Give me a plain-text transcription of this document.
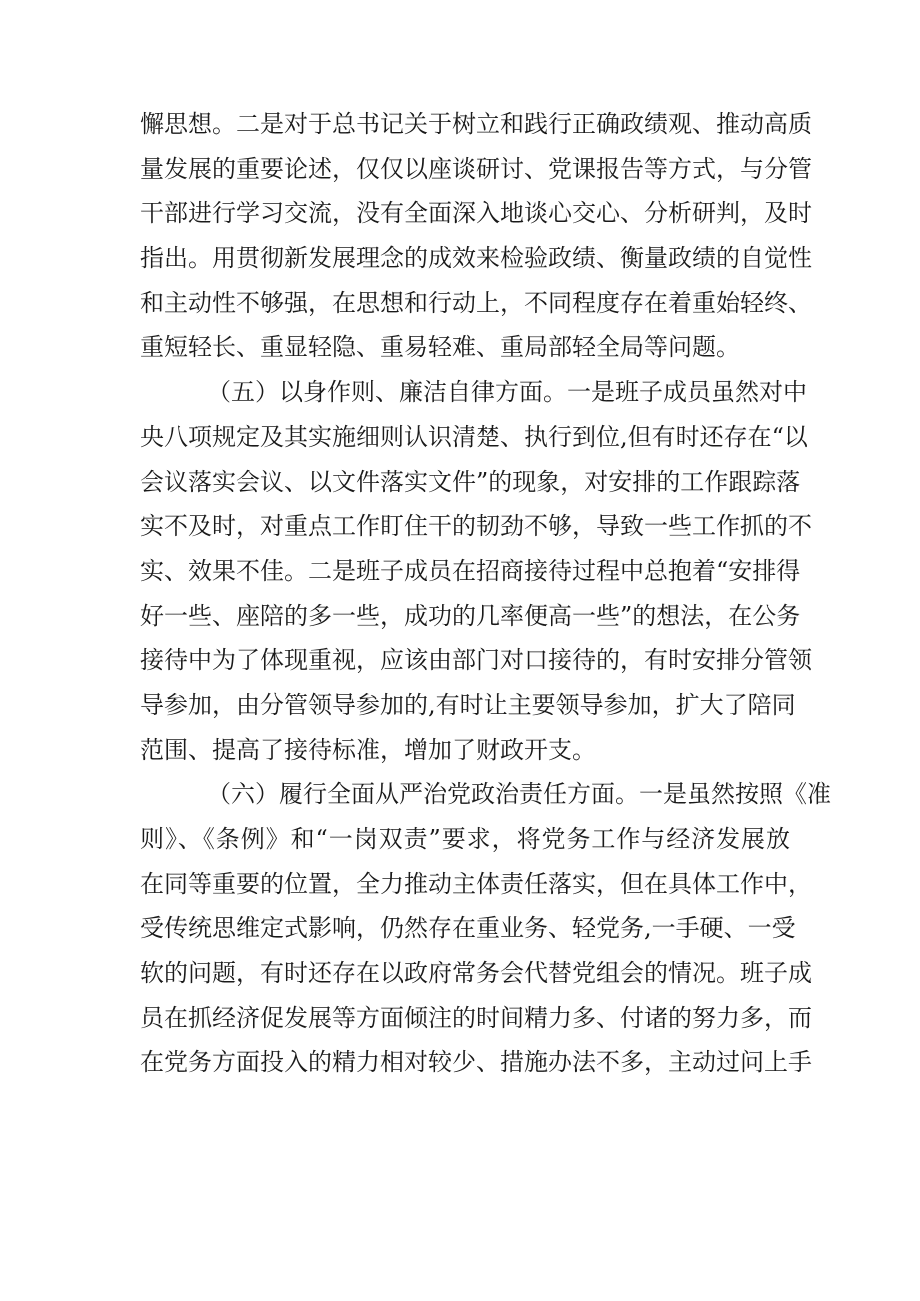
懈思想。二是对于总书记关于树立和践行正确政绩观、推动高质
量发展的重要论述，仅仅以座谈研讨、党课报告等方式，与分管
干部进行学习交流，没有全面深入地谈心交心、分析研判，及时
指出。用贯彻新发展理念的成效来检验政绩、衡量政绩的自觉性
和主动性不够强，在思想和行动上，不同程度存在着重始轻终、
重短轻长、重显轻隐、重易轻难、重局部轻全局等问题。
（五）以身作则、廉洁自律方面。一是班子成员虽然对中
央八项规定及其实施细则认识清楚、执行到位,但有时还存在“以
会议落实会议、以文件落实文件”的现象，对安排的工作跟踪落
实不及时，对重点工作盯住干的韧劲不够，导致一些工作抓的不
实、效果不佳。二是班子成员在招商接待过程中总抱着“安排得
好一些、座陪的多一些，成功的几率便高一些”的想法，在公务
接待中为了体现重视，应该由部门对口接待的，有时安排分管领
导参加，由分管领导参加的,有时让主要领导参加，扩大了陪同
范围、提高了接待标准，增加了财政开支。
（六）履行全面从严治党政治责任方面。一是虽然按照《准
则》、《条例》和“一岗双责”要求，将党务工作与经济发展放
在同等重要的位置，全力推动主体责任落实，但在具体工作中，
受传统思维定式影响，仍然存在重业务、轻党务,一手硬、一受
软的问题，有时还存在以政府常务会代替党组会的情况。班子成
员在抓经济促发展等方面倾注的时间精力多、付诸的努力多，而
在党务方面投入的精力相对较少、措施办法不多，主动过问上手
